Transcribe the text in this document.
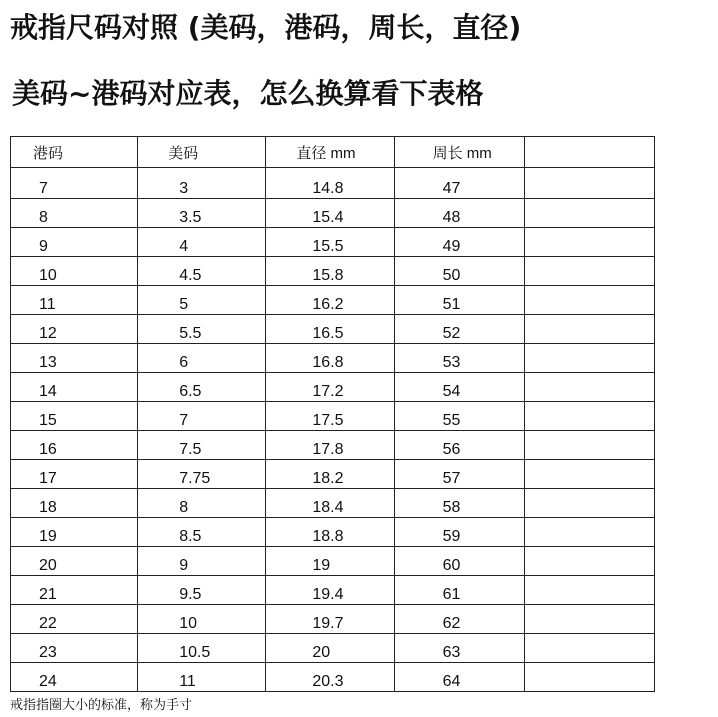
戒指尺码对照 (美码，港码，周长，直径)
美码~港码对应表，怎么换算看下表格
港码	美码	直径 mm	周长 mm	
7	3	14.8	47	
8	3.5	15.4	48	
9	4	15.5	49	
10	4.5	15.8	50	
11	5	16.2	51	
12	5.5	16.5	52	
13	6	16.8	53	
14	6.5	17.2	54	
15	7	17.5	55	
16	7.5	17.8	56	
17	7.75	18.2	57	
18	8	18.4	58	
19	8.5	18.8	59	
20	9	19	60	
21	9.5	19.4	61	
22	10	19.7	62	
23	10.5	20	63	
24	11	20.3	64	
戒指指圈大小的标准，称为手寸
